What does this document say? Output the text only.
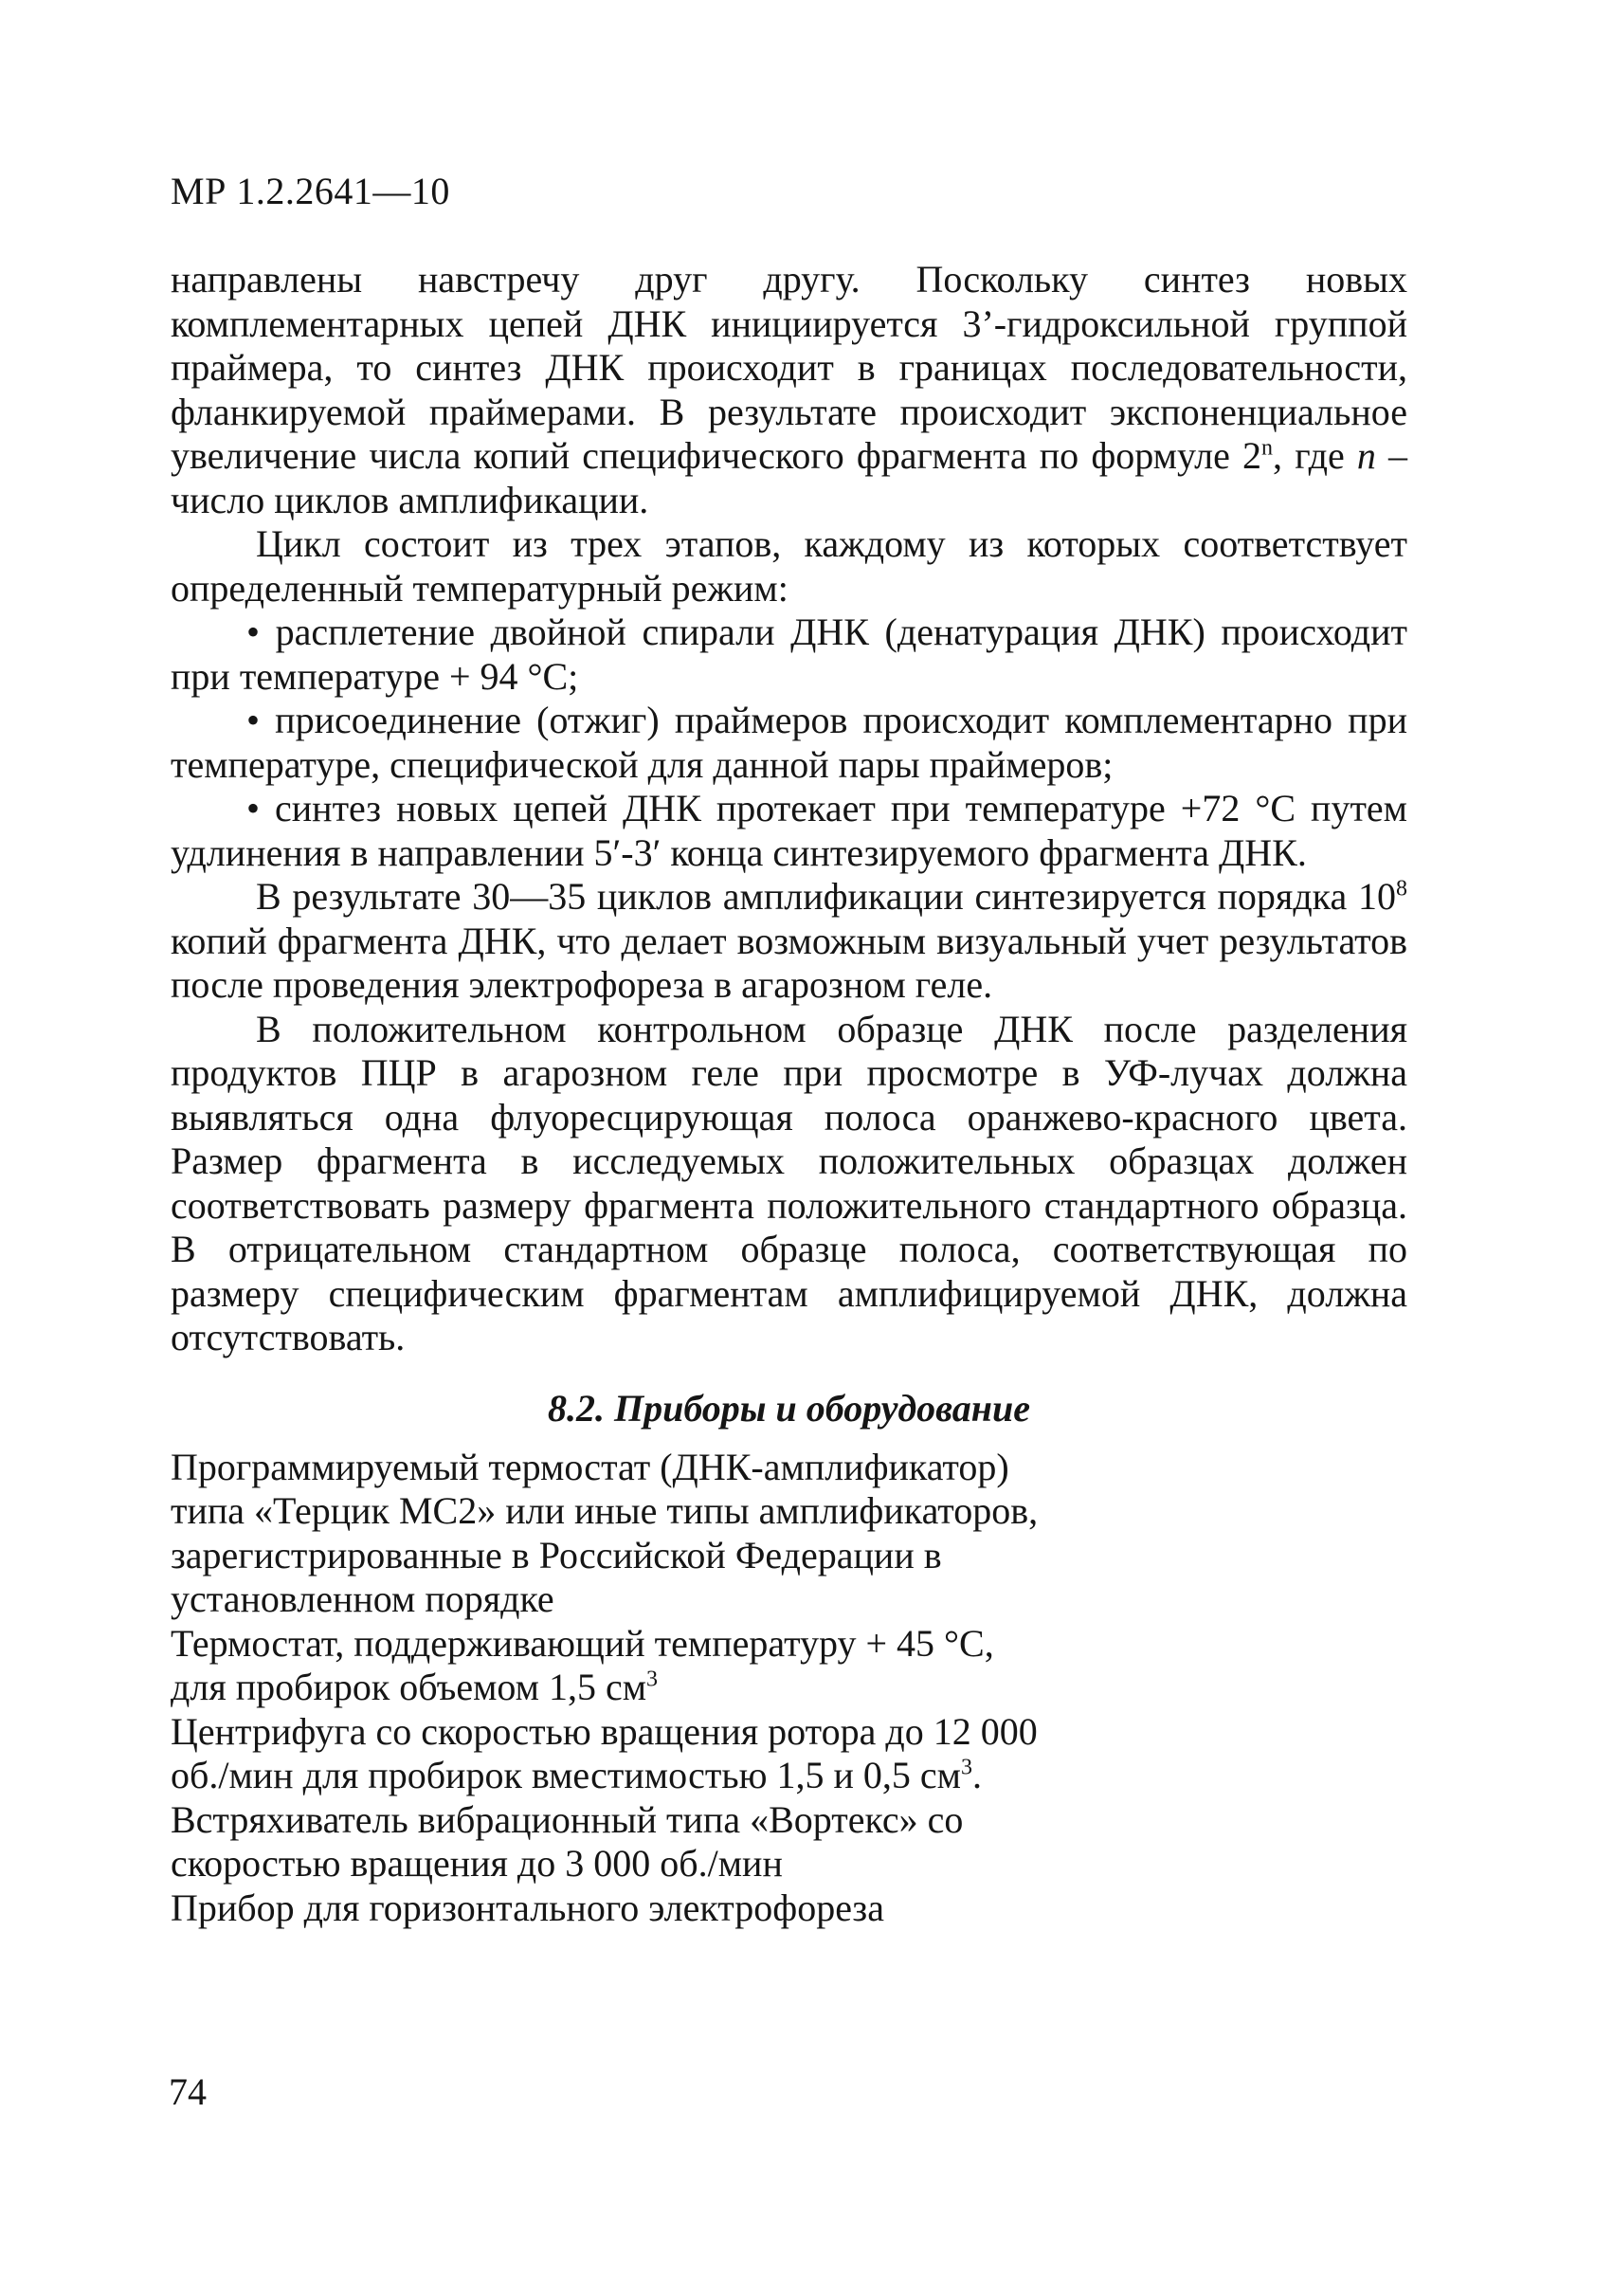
МР 1.2.2641—10

направлены навстречу друг другу. Поскольку синтез новых комплементарных цепей ДНК инициируется 3’-гидроксильной группой праймера, то синтез ДНК происходит в границах последовательности, фланкируемой праймерами. В результате происходит экспоненциальное увеличение числа копий специфического фрагмента по формуле 2$^n$, где n – число циклов амплификации.

Цикл состоит из трех этапов, каждому из которых соответствует определенный температурный режим:

• расплетение двойной спирали ДНК (денатурация ДНК) происходит при температуре + 94 °С;

• присоединение (отжиг) праймеров происходит комплементарно при температуре, специфической для данной пары праймеров;

• синтез новых цепей ДНК протекает при температуре +72 °С путем удлинения в направлении 5′-3′ конца синтезируемого фрагмента ДНК.

В результате 30—35 циклов амплификации синтезируется порядка $10^8$ копий фрагмента ДНК, что делает возможным визуальный учет результатов после проведения электрофореза в агарозном геле.

В положительном контрольном образце ДНК после разделения продуктов ПЦР в агарозном геле при просмотре в УФ-лучах должна выявляться одна флуоресцирующая полоса оранжево-красного цвета. Размер фрагмента в исследуемых положительных образцах должен соответствовать размеру фрагмента положительного стандартного образца. В отрицательном стандартном образце полоса, соответствующая по размеру специфическим фрагментам амплифицируемой ДНК, должна отсутствовать.

8.2. Приборы и оборудование
Программируемый термостат (ДНК-амплификатор) типа «Терцик МС2» или иные типы амплификаторов, зарегистрированные в Российской Федерации в установленном порядке
Термостат, поддерживающий температуру + 45 °С, для пробирок объемом 1,5 $см^3$
Центрифуга со скоростью вращения ротора до 12 000 об./мин для пробирок вместимостью 1,5 и 0,5 $см^3$.
Встряхиватель вибрационный типа «Вортекс» со скоростью вращения до 3 000 об./мин
Прибор для горизонтального электрофореза
74
